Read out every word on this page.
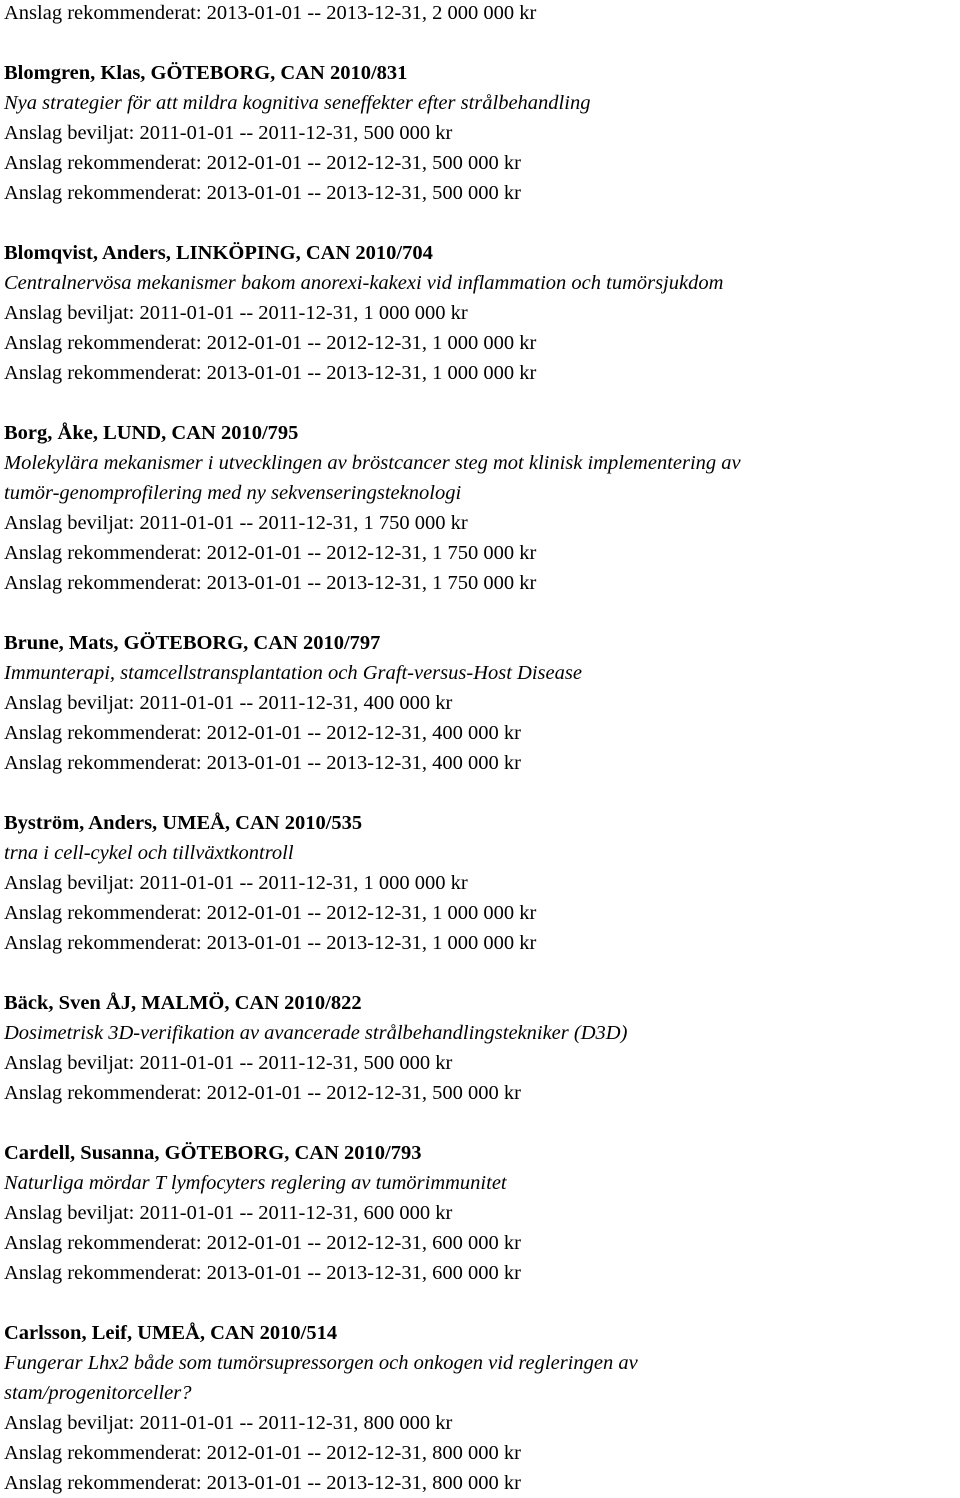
Anslag rekommenderat: 2013-01-01 -- 2013-12-31, 2 000 000 kr
Blomgren, Klas, GÖTEBORG, CAN 2010/831
Nya strategier för att mildra kognitiva seneffekter efter strålbehandling
Anslag beviljat: 2011-01-01 -- 2011-12-31, 500 000 kr
Anslag rekommenderat: 2012-01-01 -- 2012-12-31, 500 000 kr
Anslag rekommenderat: 2013-01-01 -- 2013-12-31, 500 000 kr
Blomqvist, Anders, LINKÖPING, CAN 2010/704
Centralnervösa mekanismer bakom anorexi-kakexi vid inflammation och tumörsjukdom
Anslag beviljat: 2011-01-01 -- 2011-12-31, 1 000 000 kr
Anslag rekommenderat: 2012-01-01 -- 2012-12-31, 1 000 000 kr
Anslag rekommenderat: 2013-01-01 -- 2013-12-31, 1 000 000 kr
Borg, Åke, LUND, CAN 2010/795
Molekylära mekanismer i utvecklingen av bröstcancer steg mot klinisk implementering av
tumör-genomprofilering med ny sekvenseringsteknologi
Anslag beviljat: 2011-01-01 -- 2011-12-31, 1 750 000 kr
Anslag rekommenderat: 2012-01-01 -- 2012-12-31, 1 750 000 kr
Anslag rekommenderat: 2013-01-01 -- 2013-12-31, 1 750 000 kr
Brune, Mats, GÖTEBORG, CAN 2010/797
Immunterapi, stamcellstransplantation och Graft-versus-Host Disease
Anslag beviljat: 2011-01-01 -- 2011-12-31, 400 000 kr
Anslag rekommenderat: 2012-01-01 -- 2012-12-31, 400 000 kr
Anslag rekommenderat: 2013-01-01 -- 2013-12-31, 400 000 kr
Byström, Anders, UMEÅ, CAN 2010/535
trna i cell-cykel och tillväxtkontroll
Anslag beviljat: 2011-01-01 -- 2011-12-31, 1 000 000 kr
Anslag rekommenderat: 2012-01-01 -- 2012-12-31, 1 000 000 kr
Anslag rekommenderat: 2013-01-01 -- 2013-12-31, 1 000 000 kr
Bäck, Sven ÅJ, MALMÖ, CAN 2010/822
Dosimetrisk 3D-verifikation av avancerade strålbehandlingstekniker (D3D)
Anslag beviljat: 2011-01-01 -- 2011-12-31, 500 000 kr
Anslag rekommenderat: 2012-01-01 -- 2012-12-31, 500 000 kr
Cardell, Susanna, GÖTEBORG, CAN 2010/793
Naturliga mördar T lymfocyters reglering av tumörimmunitet
Anslag beviljat: 2011-01-01 -- 2011-12-31, 600 000 kr
Anslag rekommenderat: 2012-01-01 -- 2012-12-31, 600 000 kr
Anslag rekommenderat: 2013-01-01 -- 2013-12-31, 600 000 kr
Carlsson, Leif, UMEÅ, CAN 2010/514
Fungerar Lhx2 både som tumörsupressorgen och onkogen vid regleringen av
stam/progenitorceller?
Anslag beviljat: 2011-01-01 -- 2011-12-31, 800 000 kr
Anslag rekommenderat: 2012-01-01 -- 2012-12-31, 800 000 kr
Anslag rekommenderat: 2013-01-01 -- 2013-12-31, 800 000 kr
